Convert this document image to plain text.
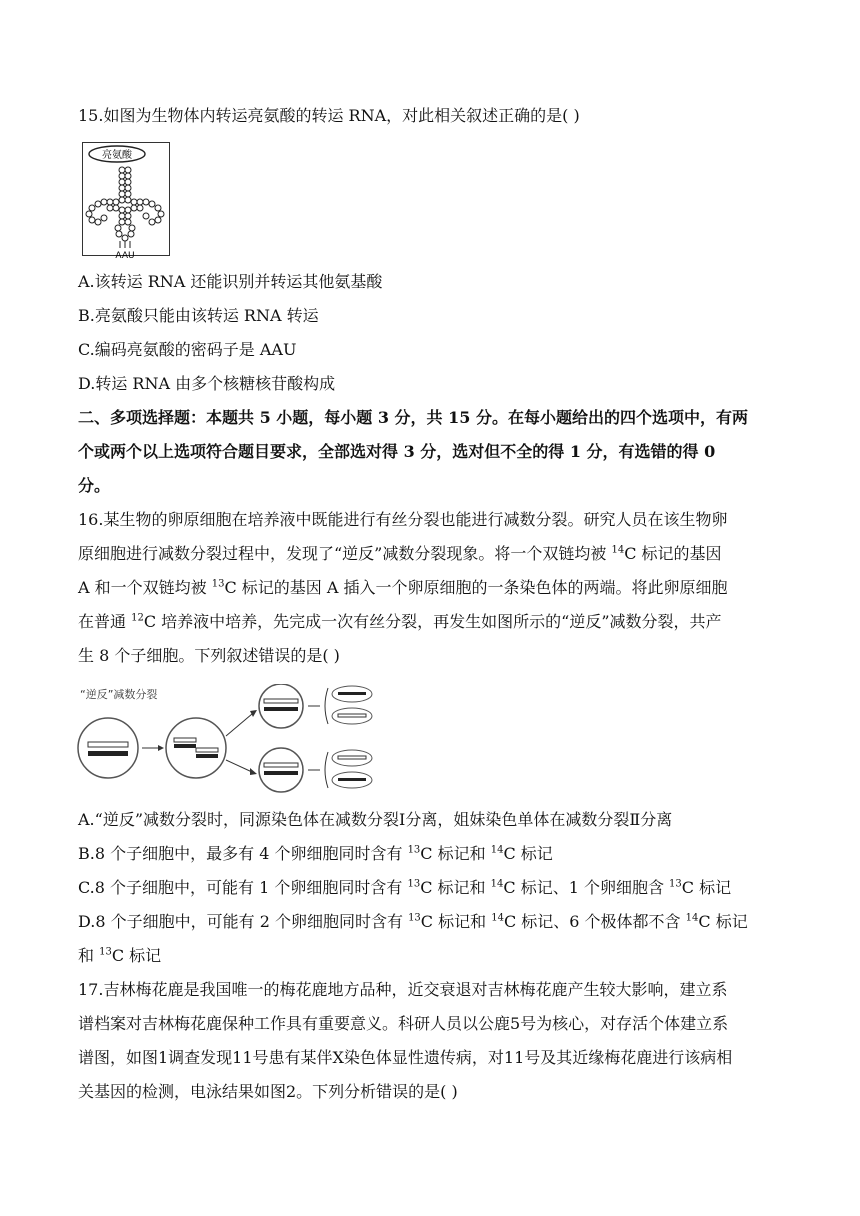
15.如图为生物体内转运亮氨酸的转运 RNA，对此相关叙述正确的是( )
亮氨酸
AAU
A.该转运 RNA 还能识别并转运其他氨基酸
B.亮氨酸只能由该转运 RNA 转运
C.编码亮氨酸的密码子是 AAU
D.转运 RNA 由多个核糖核苷酸构成
二、多项选择题：本题共 5 小题，每小题 3 分，共 15 分。在每小题给出的四个选项中，有两
个或两个以上选项符合题目要求，全部选对得 3 分，选对但不全的得 1 分，有选错的得 0
分。
16.某生物的卵原细胞在培养液中既能进行有丝分裂也能进行减数分裂。研究人员在该生物卵
原细胞进行减数分裂过程中，发现了“逆反”减数分裂现象。将一个双链均被 $^{14}$C 标记的基因
A 和一个双链均被 $^{13}$C 标记的基因 A 插入一个卵原细胞的一条染色体的两端。将此卵原细胞
在普通 $^{12}$C 培养液中培养，先完成一次有丝分裂，再发生如图所示的“逆反”减数分裂，共产
生 8 个子细胞。下列叙述错误的是( )
“逆反”减数分裂
A.“逆反”减数分裂时，同源染色体在减数分裂Ⅰ分离，姐妹染色单体在减数分裂Ⅱ分离
B.8 个子细胞中，最多有 4 个卵细胞同时含有 $^{13}$C 标记和 $^{14}$C 标记
C.8 个子细胞中，可能有 1 个卵细胞同时含有 $^{13}$C 标记和 $^{14}$C 标记、1 个卵细胞含 $^{13}$C 标记
D.8 个子细胞中，可能有 2 个卵细胞同时含有 $^{13}$C 标记和 $^{14}$C 标记、6 个极体都不含 $^{14}$C 标记
和 $^{13}$C 标记
17.吉林梅花鹿是我国唯一的梅花鹿地方品种，近交衰退对吉林梅花鹿产生较大影响，建立系
谱档案对吉林梅花鹿保种工作具有重要意义。科研人员以公鹿5号为核心，对存活个体建立系
谱图，如图1调查发现11号患有某伴X染色体显性遗传病，对11号及其近缘梅花鹿进行该病相
关基因的检测，电泳结果如图2。下列分析错误的是( )
